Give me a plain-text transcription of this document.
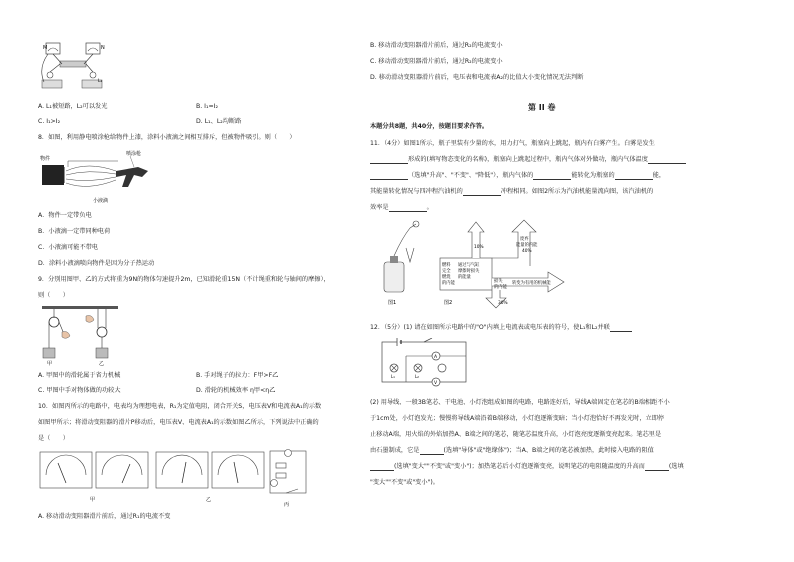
M	N
L₂
A. L₁被短路，L₂可以发光	B. I₁=I₂
C. I₁>I₂	D. L₁、L₂均断路
8．如图，利用静电喷涂枪给物件上漆，涂料小液滴之间相互排斥，但被物件吸引。则（　　）
物件
喷涂枪
小液滴
A．物件一定带负电
B．小液滴一定带同种电荷
C．小液滴可能不带电
D．涂料小液滴喷向物件是因为分子热运动
9．分别用图甲、乙的方式将重为9N的物体匀速提升2m，已知滑轮重15N（不计绳重和轮与轴间的摩擦），
则（　　）
甲	乙
A. 甲图中的滑轮属于省力机械	B. 手对绳子的拉力：F甲>F乙
C. 甲图中手对物体做的功较大	D. 滑轮的机械效率 η甲<η乙
10．如图丙所示的电路中，电表均为理想电表，R₁为定值电阻，闭合开关S，电压表V和电流表A₁的示数
如图甲所示；将滑动变阻器的滑片P移动后，电压表V、电流表A₁的示数如图乙所示，下列说法中正确的
是（　　）
甲	乙
丙
A. 移动滑动变阻器滑片前后，通过R₁的电流不变
B. 移动滑动变阻器滑片前后，通过R₂的电流变小
C. 移动滑动变阻器滑片前后，通过R₂的电流变小
D. 移动滑动变阻器滑片前后，电压表和电流表A₂的比值大小变化情况无法判断
第 II 卷
本题分共8题，共40分，按题目要求作答。
11．（4分）如图1所示，瓶子里装有少量的水，用力打气，瓶塞向上跳起，瓶内有白雾产生。白雾是发生
形成的(填写物态变化的名称)，瓶塞向上跳起过程中，瓶内气体对外做功，瓶内气体温度
（选填"升高"、"不变"、"降低"），瓶内气体的	能转化为瓶塞的	能，
其能量转化情况与四冲程汽油机的	冲程相同。如图2所示为汽油机能量流向图，该汽油机的
效率是	。
图1
燃料
完全
燃烧
的内能
通过与气缸
摩擦时损失
的能量
10%
废弃
能量的内能
40%
损失
的内能
转变为有用的机械能
30%
图2
12．（5分）(1) 请在如图所示电路中的"O"内填上电流表或电压表的符号，使L₁和L₂并联
A
L₁	L₂
V
(2) 用导线、一般3B笔芯、干电池、小灯泡组成如图的电路，电路连好后，导线A端固定在笔芯的B端相距不小
于1cm处，小灯泡发光；慢慢将导线A端沿着B端移动，小灯泡逐渐变暗；当小灯泡恰好不再发光时，立即停
止移动A端，用火焰的外焰加热A、B端之间的笔芯，随笔芯温度升高，小灯泡亮度逐渐变亮起来。笔芯里是
由石墨制成，它是	(选填"导体"或"绝缘体")；当A、B端之间的笔芯被加热，此时接入电路的阻值
(选填"变大""不变"或"变小")；加热笔芯后小灯泡逐渐变亮，说明笔芯的电阻随温度的升高而	(选填
"变大""不变"或"变小")。
